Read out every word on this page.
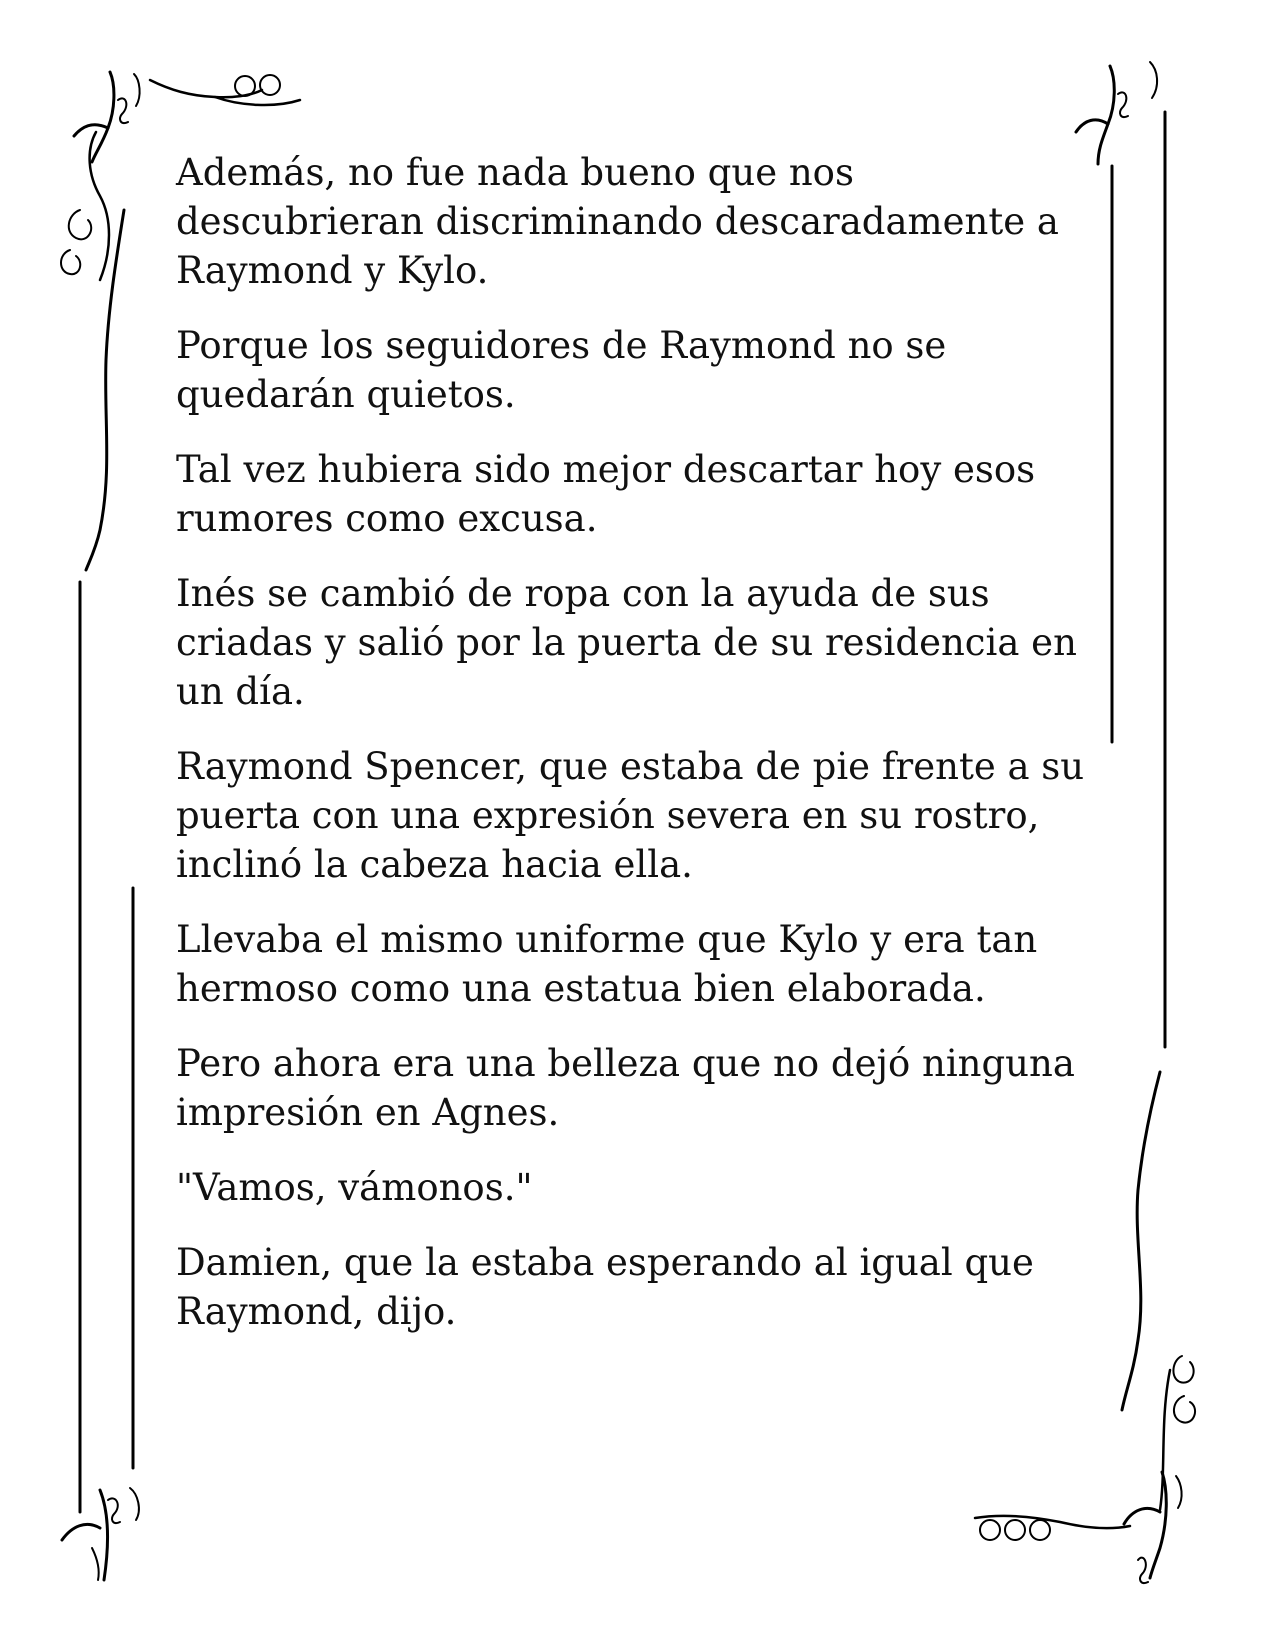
Además, no fue nada bueno que nos descubrieran discriminando descaradamente a Raymond y Kylo.

Porque los seguidores de Raymond no se quedarán quietos.

Tal vez hubiera sido mejor descartar hoy esos rumores como excusa.

Inés se cambió de ropa con la ayuda de sus criadas y salió por la puerta de su residencia en un día.

Raymond Spencer, que estaba de pie frente a su puerta con una expresión severa en su rostro, inclinó la cabeza hacia ella.

Llevaba el mismo uniforme que Kylo y era tan hermoso como una estatua bien elaborada.

Pero ahora era una belleza que no dejó ninguna impresión en Agnes.

"Vamos, vámonos."

Damien, que la estaba esperando al igual que Raymond, dijo.
